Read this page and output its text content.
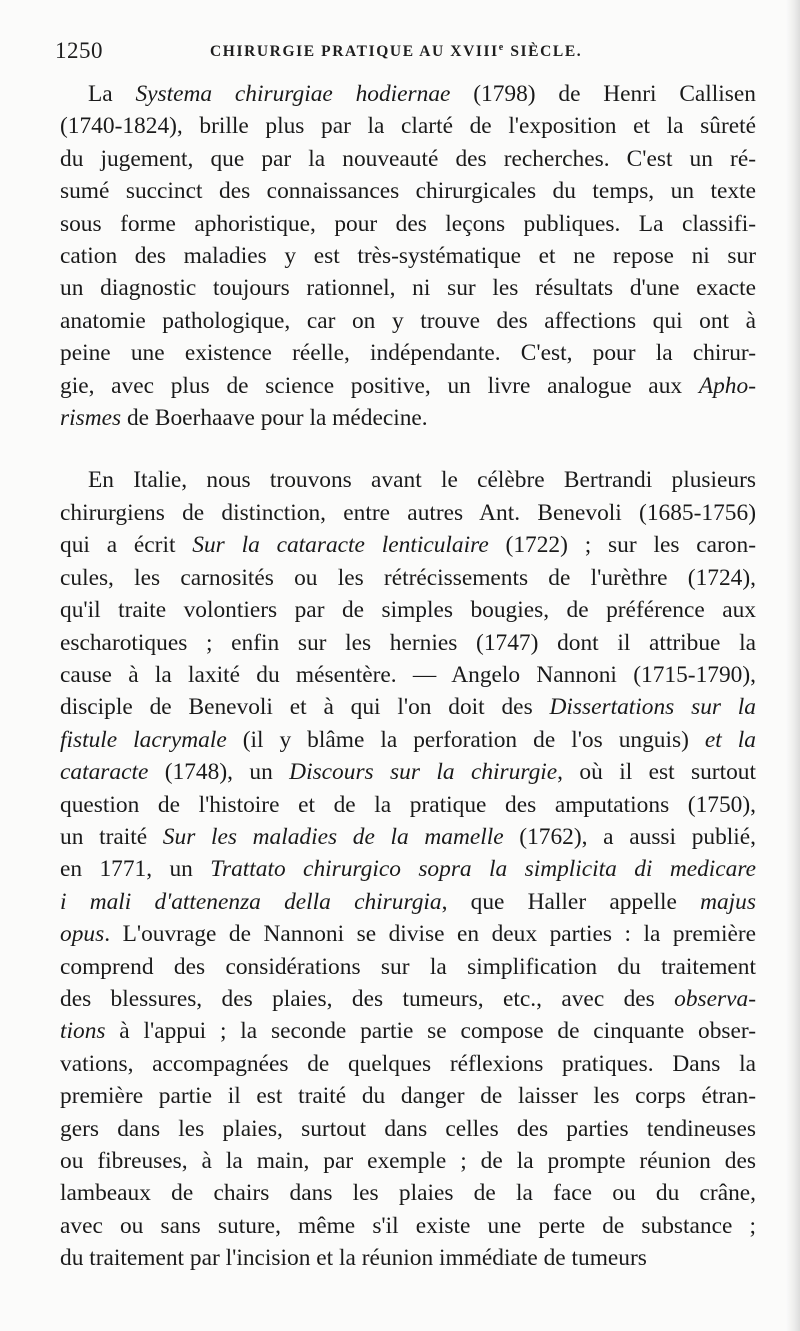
1250	CHIRURGIE PRATIQUE AU XVIIIe SIÈCLE.
La Systema chirurgiae hodiernae (1798) de Henri Callisen
(1740-1824), brille plus par la clarté de l'exposition et la sûreté
du jugement, que par la nouveauté des recherches. C'est un ré-
sumé succinct des connaissances chirurgicales du temps, un texte
sous forme aphoristique, pour des leçons publiques. La classifi-
cation des maladies y est très-systématique et ne repose ni sur
un diagnostic toujours rationnel, ni sur les résultats d'une exacte
anatomie pathologique, car on y trouve des affections qui ont à
peine une existence réelle, indépendante. C'est, pour la chirur-
gie, avec plus de science positive, un livre analogue aux Apho-
rismes de Boerhaave pour la médecine.
En Italie, nous trouvons avant le célèbre Bertrandi plusieurs
chirurgiens de distinction, entre autres Ant. Benevoli (1685-1756)
qui a écrit Sur la cataracte lenticulaire (1722) ; sur les caron-
cules, les carnosités ou les rétrécissements de l'urèthre (1724),
qu'il traite volontiers par de simples bougies, de préférence aux
escharotiques ; enfin sur les hernies (1747) dont il attribue la
cause à la laxité du mésentère. — Angelo Nannoni (1715-1790),
disciple de Benevoli et à qui l'on doit des Dissertations sur la
fistule lacrymale (il y blâme la perforation de l'os unguis) et la
cataracte (1748), un Discours sur la chirurgie, où il est surtout
question de l'histoire et de la pratique des amputations (1750),
un traité Sur les maladies de la mamelle (1762), a aussi publié,
en 1771, un Trattato chirurgico sopra la simplicita di medicare
i mali d'attenenza della chirurgia, que Haller appelle majus
opus. L'ouvrage de Nannoni se divise en deux parties : la première
comprend des considérations sur la simplification du traitement
des blessures, des plaies, des tumeurs, etc., avec des observa-
tions à l'appui ; la seconde partie se compose de cinquante obser-
vations, accompagnées de quelques réflexions pratiques. Dans la
première partie il est traité du danger de laisser les corps étran-
gers dans les plaies, surtout dans celles des parties tendineuses
ou fibreuses, à la main, par exemple ; de la prompte réunion des
lambeaux de chairs dans les plaies de la face ou du crâne,
avec ou sans suture, même s'il existe une perte de substance ;
du traitement par l'incision et la réunion immédiate de tumeurs
